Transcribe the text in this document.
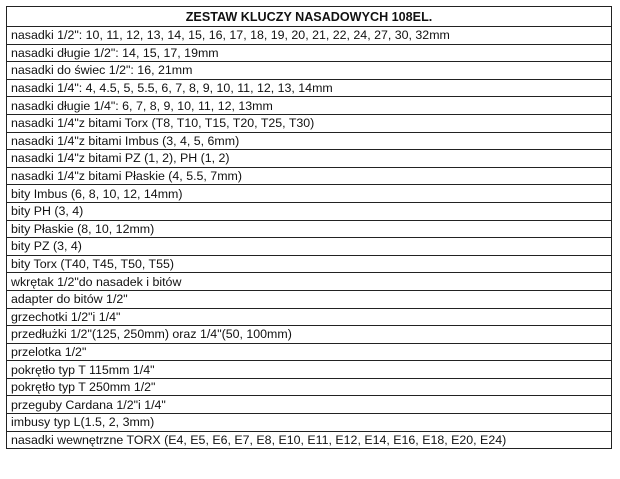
ZESTAW KLUCZY NASADOWYCH 108EL.
nasadki 1/2": 10, 11, 12, 13, 14, 15, 16, 17, 18, 19, 20, 21, 22, 24, 27, 30, 32mm
nasadki długie 1/2": 14, 15, 17, 19mm
nasadki do świec 1/2": 16, 21mm
nasadki 1/4": 4, 4.5, 5, 5.5, 6, 7, 8, 9, 10, 11, 12, 13, 14mm
nasadki długie 1/4": 6, 7, 8, 9, 10, 11, 12, 13mm
nasadki 1/4"z bitami Torx (T8, T10, T15, T20, T25, T30)
nasadki 1/4"z bitami Imbus (3, 4, 5, 6mm)
nasadki 1/4"z bitami PZ (1, 2), PH (1, 2)
nasadki 1/4"z bitami Płaskie (4, 5.5, 7mm)
bity Imbus (6, 8, 10, 12, 14mm)
bity PH (3, 4)
bity Płaskie (8, 10, 12mm)
bity PZ (3, 4)
bity Torx (T40, T45, T50, T55)
wkrętak 1/2"do nasadek i bitów
adapter do bitów 1/2"
grzechotki 1/2"i 1/4"
przedłużki 1/2"(125, 250mm) oraz 1/4"(50, 100mm)
przelotka 1/2"
pokrętło typ T 115mm 1/4"
pokrętło typ T 250mm 1/2"
przeguby Cardana 1/2"i 1/4"
imbusy typ L(1.5, 2, 3mm)
nasadki wewnętrzne TORX (E4, E5, E6, E7, E8, E10, E11, E12, E14, E16, E18, E20, E24)
